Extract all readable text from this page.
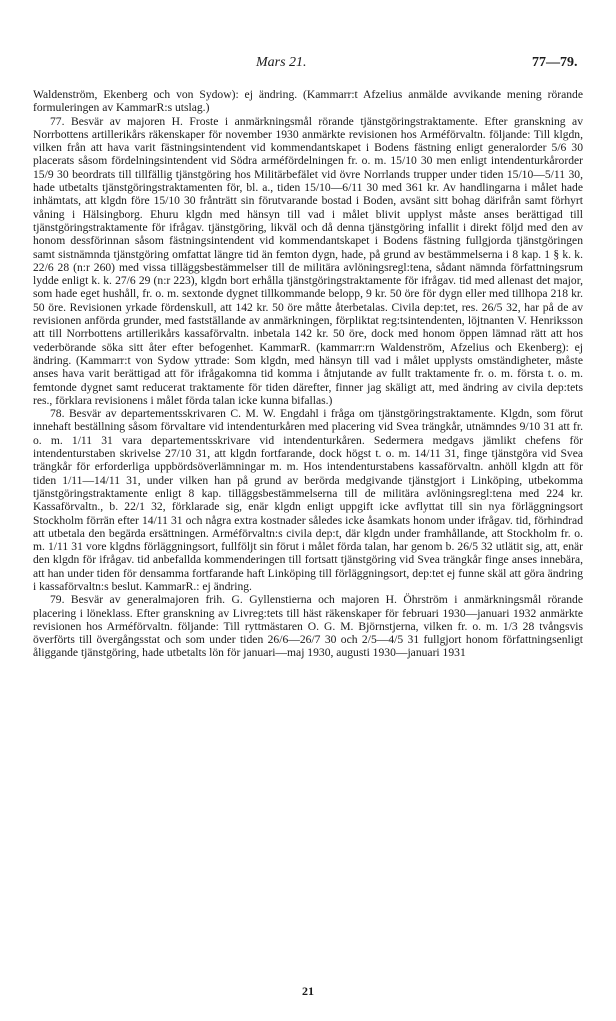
Mars 21.	77—79.

Waldenström, Ekenberg och von Sydow): ej ändring. (Kammarr:t Afzelius anmälde avvikande mening rörande formuleringen av KammarR:s utslag.)

77. Besvär av majoren H. Froste i anmärkningsmål rörande tjänstgöringstraktamente. Efter granskning av Norrbottens artillerikårs räkenskaper för november 1930 anmärkte revisionen hos Arméförvaltn. följande: Till klgdn, vilken från att hava varit fästningsintendent vid kommendantskapet i Bodens fästning enligt generalorder 5/6 30 placerats såsom fördelningsintendent vid Södra arméfördelningen fr. o. m. 15/10 30 men enligt intendenturkårorder 15/9 30 beordrats till tillfällig tjänstgöring hos Militärbefälet vid övre Norrlands trupper under tiden 15/10—5/11 30, hade utbetalts tjänstgöringstraktamenten för, bl. a., tiden 15/10—6/11 30 med 361 kr. Av handlingarna i målet hade inhämtats, att klgdn före 15/10 30 frånträtt sin förutvarande bostad i Boden, avsänt sitt bohag därifrån samt förhyrt våning i Hälsingborg. Ehuru klgdn med hänsyn till vad i målet blivit upplyst måste anses berättigad till tjänstgöringstraktamente för ifrågav. tjänstgöring, likväl och då denna tjänstgöring infallit i direkt följd med den av honom dessförinnan såsom fästningsintendent vid kommendantskapet i Bodens fästning fullgjorda tjänstgöringen samt sistnämnda tjänstgöring omfattat längre tid än femton dygn, hade, på grund av bestämmelserna i 8 kap. 1 § k. k. 22/6 28 (n:r 260) med vissa tilläggsbestämmelser till de militära avlöningsregl:tena, sådant nämnda författningsrum lydde enligt k. k. 27/6 29 (n:r 223), klgdn bort erhålla tjänstgöringstraktamente för ifrågav. tid med allenast det major, som hade eget hushåll, fr. o. m. sextonde dygnet tillkommande belopp, 9 kr. 50 öre för dygn eller med tillhopa 218 kr. 50 öre. Revisionen yrkade fördenskull, att 142 kr. 50 öre måtte återbetalas. Civila dep:tet, res. 26/5 32, har på de av revisionen anförda grunder, med fastställande av anmärkningen, förpliktat reg:tsintendenten, löjtnanten V. Henriksson att till Norrbottens artillerikårs kassaförvaltn. inbetala 142 kr. 50 öre, dock med honom öppen lämnad rätt att hos vederbörande söka sitt åter efter befogenhet. KammarR. (kammarr:rn Waldenström, Afzelius och Ekenberg): ej ändring. (Kammarr:t von Sydow yttrade: Som klgdn, med hänsyn till vad i målet upplysts omständigheter, måste anses hava varit berättigad att för ifrågakomna tid komma i åtnjutande av fullt traktamente fr. o. m. första t. o. m. femtonde dygnet samt reducerat traktamente för tiden därefter, finner jag skäligt att, med ändring av civila dep:tets res., förklara revisionens i målet förda talan icke kunna bifallas.)

78. Besvär av departementsskrivaren C. M. W. Engdahl i fråga om tjänstgöringstraktamente. Klgdn, som förut innehaft beställning såsom förvaltare vid intendenturkåren med placering vid Svea trängkår, utnämndes 9/10 31 att fr. o. m. 1/11 31 vara departementsskrivare vid intendenturkåren. Sedermera medgavs jämlikt chefens för intendenturstaben skrivelse 27/10 31, att klgdn fortfarande, dock högst t. o. m. 14/11 31, finge tjänstgöra vid Svea trängkår för erforderliga uppbördsöverlämningar m. m. Hos intendenturstabens kassaförvaltn. anhöll klgdn att för tiden 1/11—14/11 31, under vilken han på grund av berörda medgivande tjänstgjort i Linköping, utbekomma tjänstgöringstraktamente enligt 8 kap. tilläggsbestämmelserna till de militära avlöningsregl:tena med 224 kr. Kassaförvaltn., b. 22/1 32, förklarade sig, enär klgdn enligt uppgift icke avflyttat till sin nya förläggningsort Stockholm förrän efter 14/11 31 och några extra kostnader således icke åsamkats honom under ifrågav. tid, förhindrad att utbetala den begärda ersättningen. Arméförvaltn:s civila dep:t, där klgdn under framhållande, att Stockholm fr. o. m. 1/11 31 vore klgdns förläggningsort, fullföljt sin förut i målet förda talan, har genom b. 26/5 32 utlätit sig, att, enär den klgdn för ifrågav. tid anbefallda kommenderingen till fortsatt tjänstgöring vid Svea trängkår finge anses innebära, att han under tiden för densamma fortfarande haft Linköping till förläggningsort, dep:tet ej funne skäl att göra ändring i kassaförvaltn:s beslut. KammarR.: ej ändring.

79. Besvär av generalmajoren frih. G. Gyllenstierna och majoren H. Öhrström i anmärkningsmål rörande placering i löneklass. Efter granskning av Livreg:tets till häst räkenskaper för februari 1930—januari 1932 anmärkte revisionen hos Arméförvaltn. följande: Till ryttmästaren O. G. M. Björnstjerna, vilken fr. o. m. 1/3 28 tvångsvis överförts till övergångsstat och som under tiden 26/6—26/7 30 och 2/5—4/5 31 fullgjort honom författningsenligt åliggande tjänstgöring, hade utbetalts lön för januari—maj 1930, augusti 1930—januari 1931

21
